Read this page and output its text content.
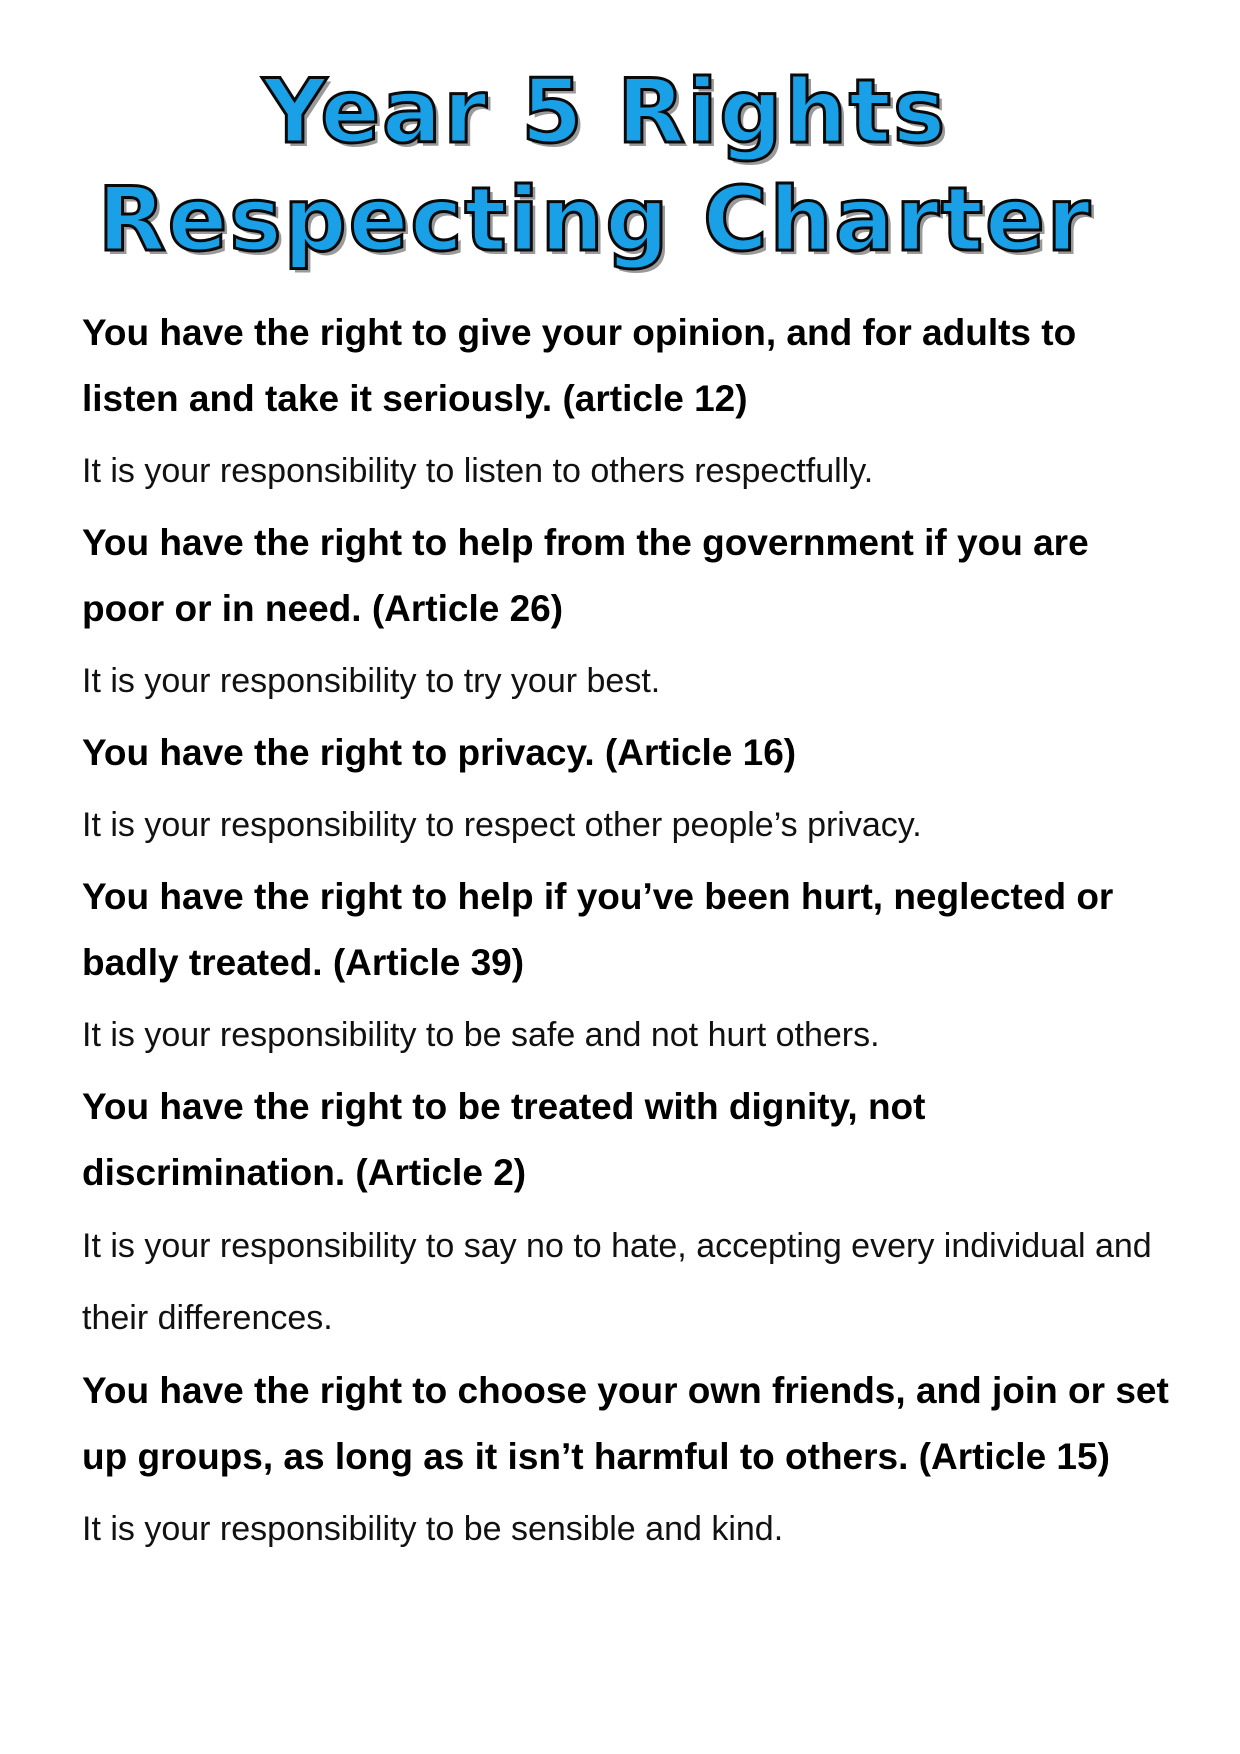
Year 5 Rights
Respecting Charter

You have the right to give your opinion, and for adults to listen and take it seriously. (article 12)

It is your responsibility to listen to others respectfully.

You have the right to help from the government if you are poor or in need. (Article 26)

It is your responsibility to try your best.

You have the right to privacy. (Article 16)

It is your responsibility to respect other people’s privacy.

You have the right to help if you’ve been hurt, neglected or badly treated. (Article 39)

It is your responsibility to be safe and not hurt others.

You have the right to be treated with dignity, not discrimination. (Article 2)

It is your responsibility to say no to hate, accepting every individual and their differences.

You have the right to choose your own friends, and join or set up groups, as long as it isn’t harmful to others. (Article 15)

It is your responsibility to be sensible and kind.
